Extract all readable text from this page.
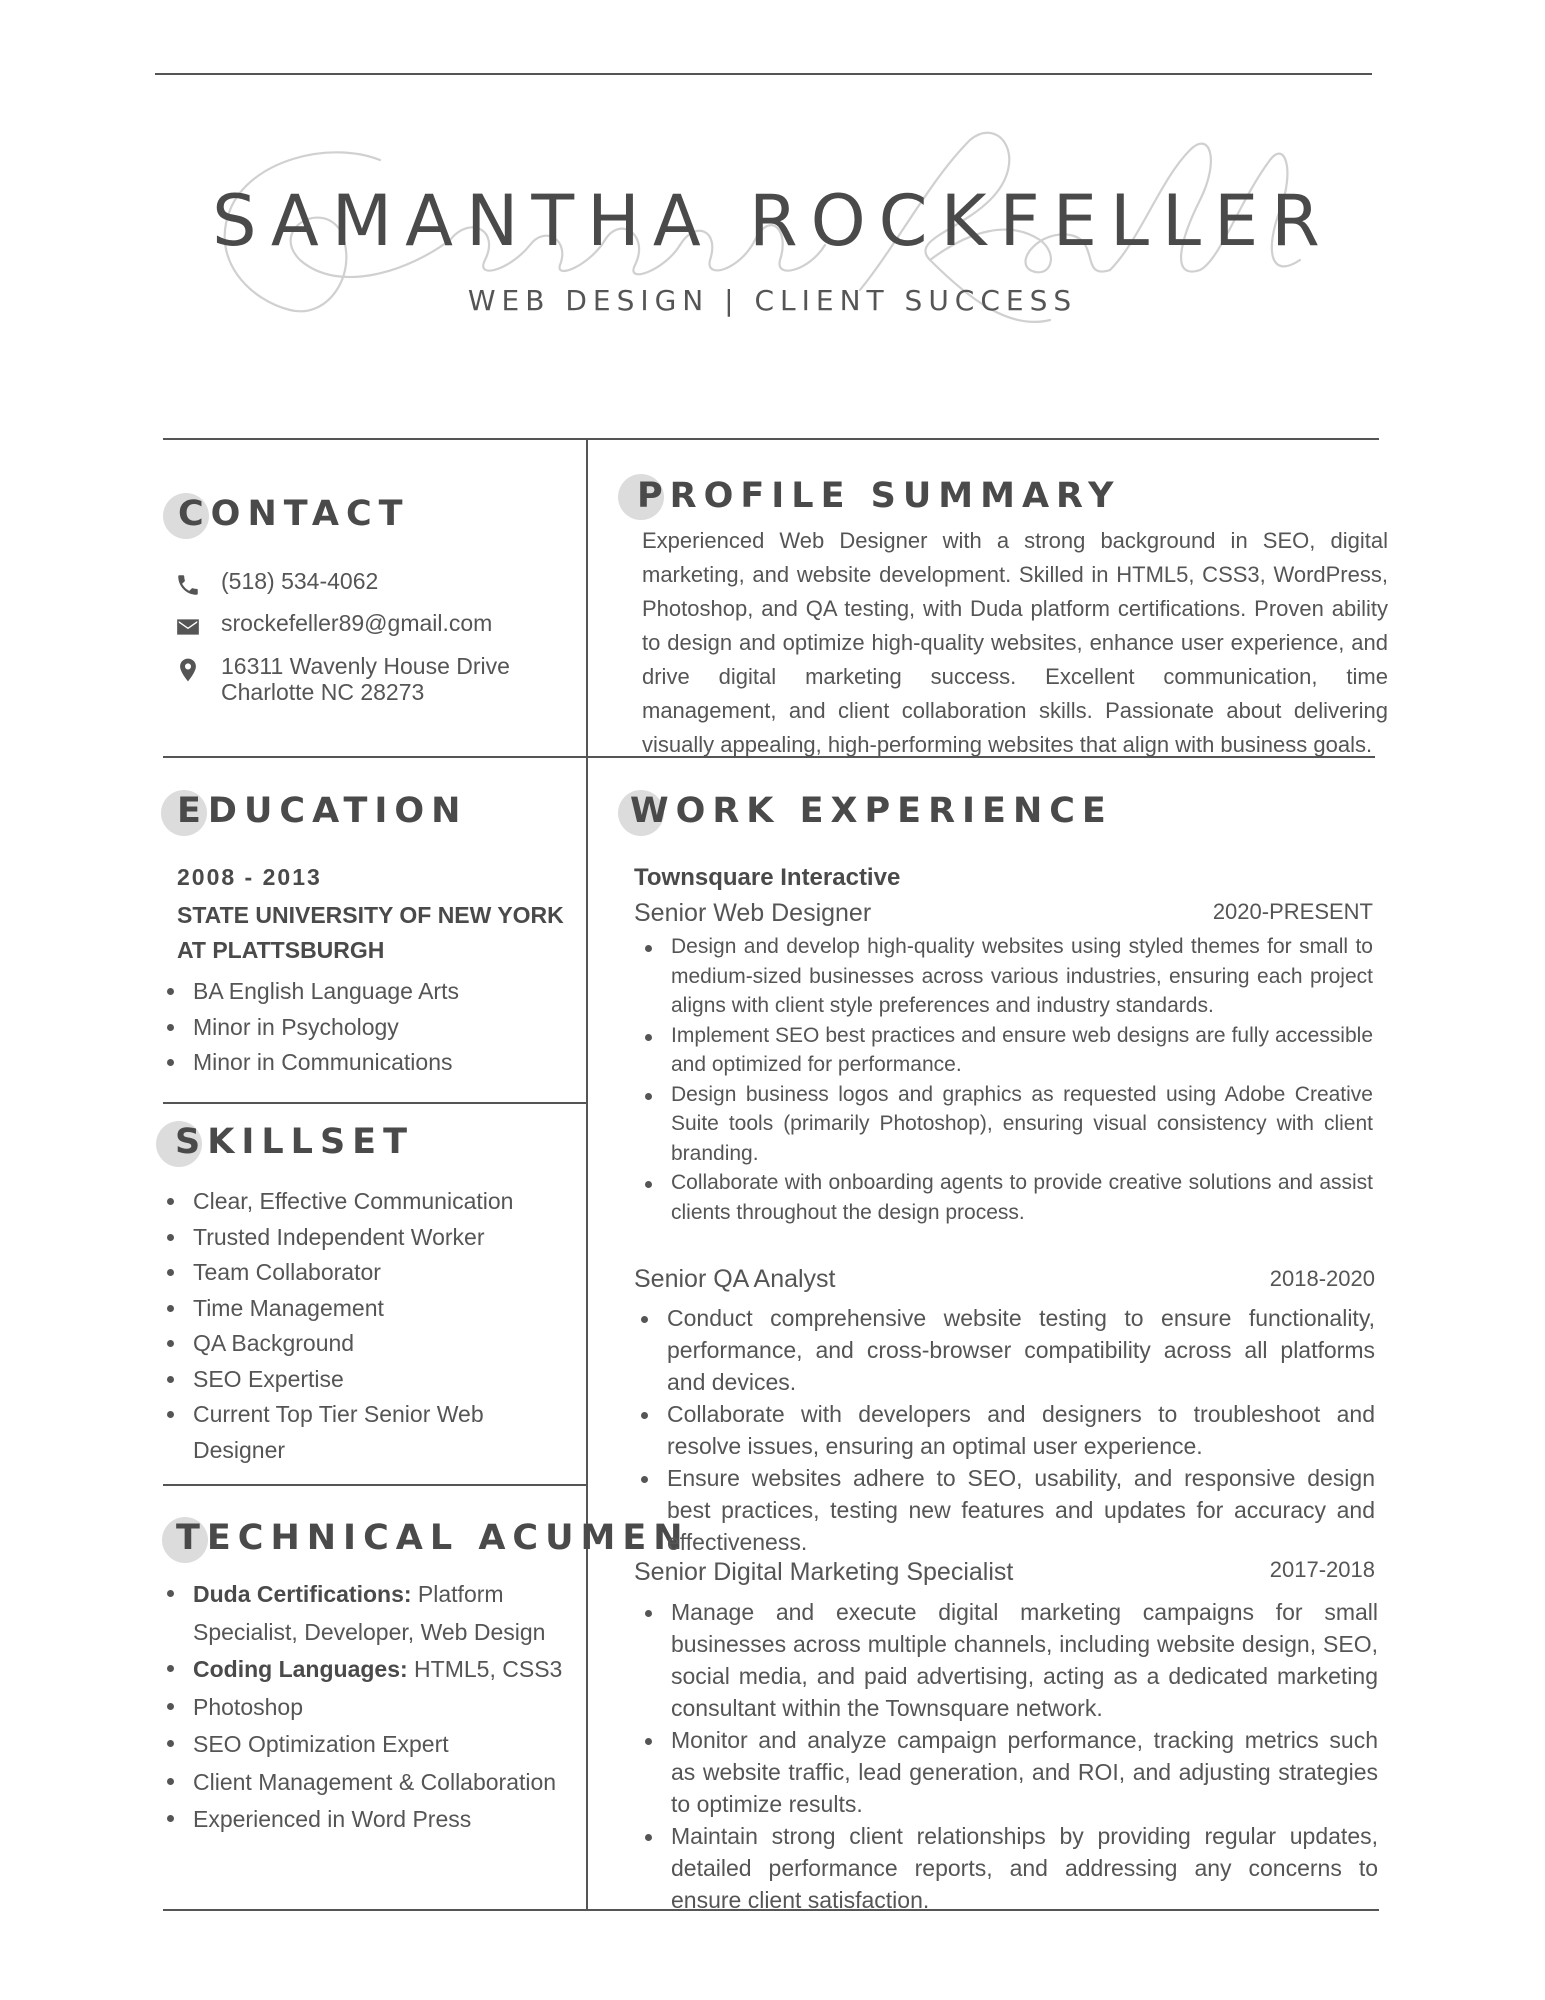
SAMANTHA ROCKFELLER
WEB DESIGN | CLIENT SUCCESS
CONTACT
(518) 534-4062
srockefeller89@gmail.com
16311 Wavenly House Drive
Charlotte NC 28273
PROFILE SUMMARY
Experienced Web Designer with a strong background in SEO, digital marketing, and website development. Skilled in HTML5, CSS3, WordPress, Photoshop, and QA testing, with Duda platform certifications. Proven ability to design and optimize high-quality websites, enhance user experience, and drive digital marketing success. Excellent communication, time management, and client collaboration skills. Passionate about delivering visually appealing, high-performing websites that align with business goals.
EDUCATION
2008 - 2013
STATE UNIVERSITY OF NEW YORK AT PLATTSBURGH
BA English Language Arts
Minor in Psychology
Minor in Communications
SKILLSET
Clear, Effective Communication
Trusted Independent Worker
Team Collaborator
Time Management
QA Background
SEO Expertise
Current Top Tier Senior Web Designer
TECHNICAL ACUMEN
Duda Certifications: Platform Specialist, Developer, Web Design
Coding Languages: HTML5, CSS3
Photoshop
SEO Optimization Expert
Client Management & Collaboration
Experienced in Word Press
WORK EXPERIENCE
Townsquare Interactive
Senior Web Designer	2020-PRESENT
Design and develop high-quality websites using styled themes for small to medium-sized businesses across various industries, ensuring each project aligns with client style preferences and industry standards.
Implement SEO best practices and ensure web designs are fully accessible and optimized for performance.
Design business logos and graphics as requested using Adobe Creative Suite tools (primarily Photoshop), ensuring visual consistency with client branding.
Collaborate with onboarding agents to provide creative solutions and assist clients throughout the design process.
Senior QA Analyst	2018-2020
Conduct comprehensive website testing to ensure functionality, performance, and cross-browser compatibility across all platforms and devices.
Collaborate with developers and designers to troubleshoot and resolve issues, ensuring an optimal user experience.
Ensure websites adhere to SEO, usability, and responsive design best practices, testing new features and updates for accuracy and effectiveness.
Senior Digital Marketing Specialist	2017-2018
Manage and execute digital marketing campaigns for small businesses across multiple channels, including website design, SEO, social media, and paid advertising, acting as a dedicated marketing consultant within the Townsquare network.
Monitor and analyze campaign performance, tracking metrics such as website traffic, lead generation, and ROI, and adjusting strategies to optimize results.
Maintain strong client relationships by providing regular updates, detailed performance reports, and addressing any concerns to ensure client satisfaction.
